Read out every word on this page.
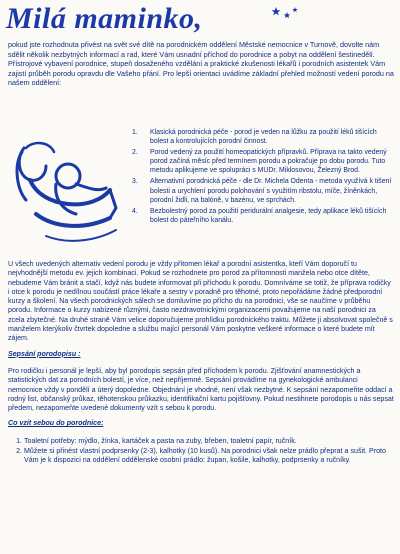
Milá maminko,

pokud jste rozhodnuta přivést na svět své dítě na porodnickém oddělení Městské nemocnice v Turnově, dovolte nám sdělit několik nezbytných informací a rad, které Vám usnadní příchod do porodnice a pobyt na oddělení šestinedělí. Přístrojové vybavení porodnice, stupeň dosaženého vzdělání a praktické zkušenosti lékařů i porodních asistentek Vám zajistí průběh porodu opravdu dle Vašeho přání. Pro lepší orientaci uvádíme základní přehled možností vedení porodu na našem oddělení:

1. Klasická porodnická péče - porod je veden na lůžku za použití léků tišících bolest a kontrolujících porodní činnost.
2. Porod vedený za použití homeopatických přípravků. Příprava na takto vedený porod začíná měsíc před termínem porodu a pokračuje po dobu porodu. Tuto metodu aplikujeme ve spolupráci s MUDr. Miklosovou, Železný Brod.
3. Alternativní porodnická péče - dle Dr. Michela Odenta - metoda využívá k tišení bolesti a urychlení porodu polohování s využitím ribstolu, míče, žíněnkách, porodní židli, na balóně, v bazénu, ve sprchách.
4. Bezbolestný porod za použití peridurální analgesie, tedy aplikace léků tišících bolest do páteřního kanálu.

U všech uvedených alternativ vedení porodu je vždy přítomen lékař a porodní asistentka, kteří Vám doporučí tu nejvhodnější metodu ev. jejich kombinaci. Pokud se rozhodnete pro porod za přítomnosti manžela nebo otce dítěte, nebudeme Vám bránit a stačí, když nás budete informovat při příchodu k porodu. Domníváme se totiž, že příprava rodičky i otce k porodu je nedílnou součástí práce lékaře a sestry v poradně pro těhotné, proto nepořádáme žádné předporodní kurzy a školení. Na všech porodnických sálech se domluvíme po přícho du na porodnici, vše se naučíme v průběhu porodu. Informace o kurzy nabízené různými, často nezdravotnickými organizacemi považujeme na naší porodnici za zcela zbytečné. Na druhé straně Vám velice doporučujeme prohlídku porodnického traktu. Můžete ji absolvovat společně s manželem kterýkoliv čtvrtek dopoledne a službu mající personál Vám poskytne veškeré informace o které budete mít zájem.

Sepsání porodopisu :

Pro rodičku i personál je lepší, aby byl porodopis sepsán před příchodem k porodu. Zjišťování anamnestických a statistických dat za porodních bolestí, je více, než nepříjemné. Sepsání provádíme na gynekologické ambulanci nemocnice vždy v pondělí a úterý dopoledne. Objednání je vhodné, není však nezbytné. K sepsání nezapomeňte oddací a rodný list, občanský průkaz, těhotenskou průkazku, identifikační kartu pojišťovny. Pokud nestihnete porodopis u nás sepsat předem, nezapomeňte uvedené dokumenty vzít s sebou k porodu.

Co vzít sebou do porodnice:

1. Toaletní potřeby: mýdlo, žínka, kartáček a pasta na zuby, břeben, toaletní papír, ručník.
2. Můžete si přinést vlastní podprsenky (2-3), kalhotky (10 kusů). Na porodnici však nelze prádlo přeprat a sušit. Proto Vám je k dispozici na oddělení oddělenské osobní prádlo: župan, košile, kalhotky, podprsenky a ručníky.
